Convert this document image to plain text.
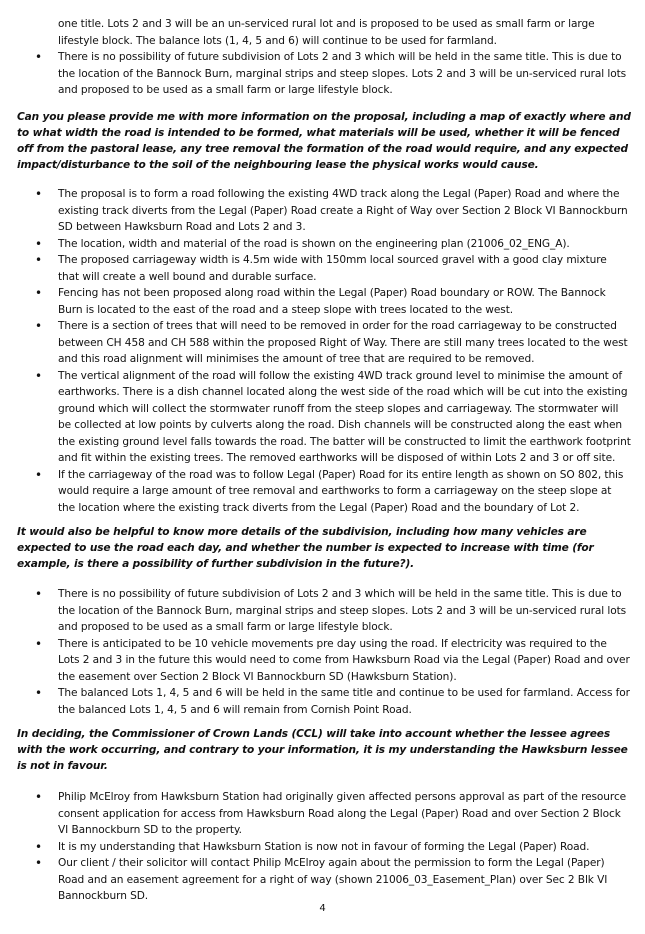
one title. Lots 2 and 3 will be an un-serviced rural lot and is proposed to be used as small farm or large lifestyle block. The balance lots (1, 4, 5 and 6) will continue to be used for farmland.
• There is no possibility of future subdivision of Lots 2 and 3 which will be held in the same title. This is due to the location of the Bannock Burn, marginal strips and steep slopes. Lots 2 and 3 will be un-serviced rural lots and proposed to be used as a small farm or large lifestyle block.

Can you please provide me with more information on the proposal, including a map of exactly where and to what width the road is intended to be formed, what materials will be used, whether it will be fenced off from the pastoral lease, any tree removal the formation of the road would require, and any expected impact/disturbance to the soil of the neighbouring lease the physical works would cause.

• The proposal is to form a road following the existing 4WD track along the Legal (Paper) Road and where the existing track diverts from the Legal (Paper) Road create a Right of Way over Section 2 Block VI Bannockburn SD between Hawksburn Road and Lots 2 and 3.
• The location, width and material of the road is shown on the engineering plan (21006_02_ENG_A).
• The proposed carriageway width is 4.5m wide with 150mm local sourced gravel with a good clay mixture that will create a well bound and durable surface.
• Fencing has not been proposed along road within the Legal (Paper) Road boundary or ROW. The Bannock Burn is located to the east of the road and a steep slope with trees located to the west.
• There is a section of trees that will need to be removed in order for the road carriageway to be constructed between CH 458 and CH 588 within the proposed Right of Way. There are still many trees located to the west and this road alignment will minimises the amount of tree that are required to be removed.
• The vertical alignment of the road will follow the existing 4WD track ground level to minimise the amount of earthworks. There is a dish channel located along the west side of the road which will be cut into the existing ground which will collect the stormwater runoff from the steep slopes and carriageway. The stormwater will be collected at low points by culverts along the road. Dish channels will be constructed along the east when the existing ground level falls towards the road. The batter will be constructed to limit the earthwork footprint and fit within the existing trees. The removed earthworks will be disposed of within Lots 2 and 3 or off site.
• If the carriageway of the road was to follow Legal (Paper) Road for its entire length as shown on SO 802, this would require a large amount of tree removal and earthworks to form a carriageway on the steep slope at the location where the existing track diverts from the Legal (Paper) Road and the boundary of Lot 2.

It would also be helpful to know more details of the subdivision, including how many vehicles are expected to use the road each day, and whether the number is expected to increase with time (for example, is there a possibility of further subdivision in the future?).

• There is no possibility of future subdivision of Lots 2 and 3 which will be held in the same title. This is due to the location of the Bannock Burn, marginal strips and steep slopes. Lots 2 and 3 will be un-serviced rural lots and proposed to be used as a small farm or large lifestyle block.
• There is anticipated to be 10 vehicle movements pre day using the road. If electricity was required to the Lots 2 and 3 in the future this would need to come from Hawksburn Road via the Legal (Paper) Road and over the easement over Section 2 Block VI Bannockburn SD (Hawksburn Station).
• The balanced Lots 1, 4, 5 and 6 will be held in the same title and continue to be used for farmland. Access for the balanced Lots 1, 4, 5 and 6 will remain from Cornish Point Road.

In deciding, the Commissioner of Crown Lands (CCL) will take into account whether the lessee agrees with the work occurring, and contrary to your information, it is my understanding the Hawksburn lessee is not in favour.

• Philip McElroy from Hawksburn Station had originally given affected persons approval as part of the resource consent application for access from Hawksburn Road along the Legal (Paper) Road and over Section 2 Block VI Bannockburn SD to the property.
• It is my understanding that Hawksburn Station is now not in favour of forming the Legal (Paper) Road.
• Our client / their solicitor will contact Philip McElroy again about the permission to form the Legal (Paper) Road and an easement agreement for a right of way (shown 21006_03_Easement_Plan) over Sec 2 Blk VI Bannockburn SD.
4
